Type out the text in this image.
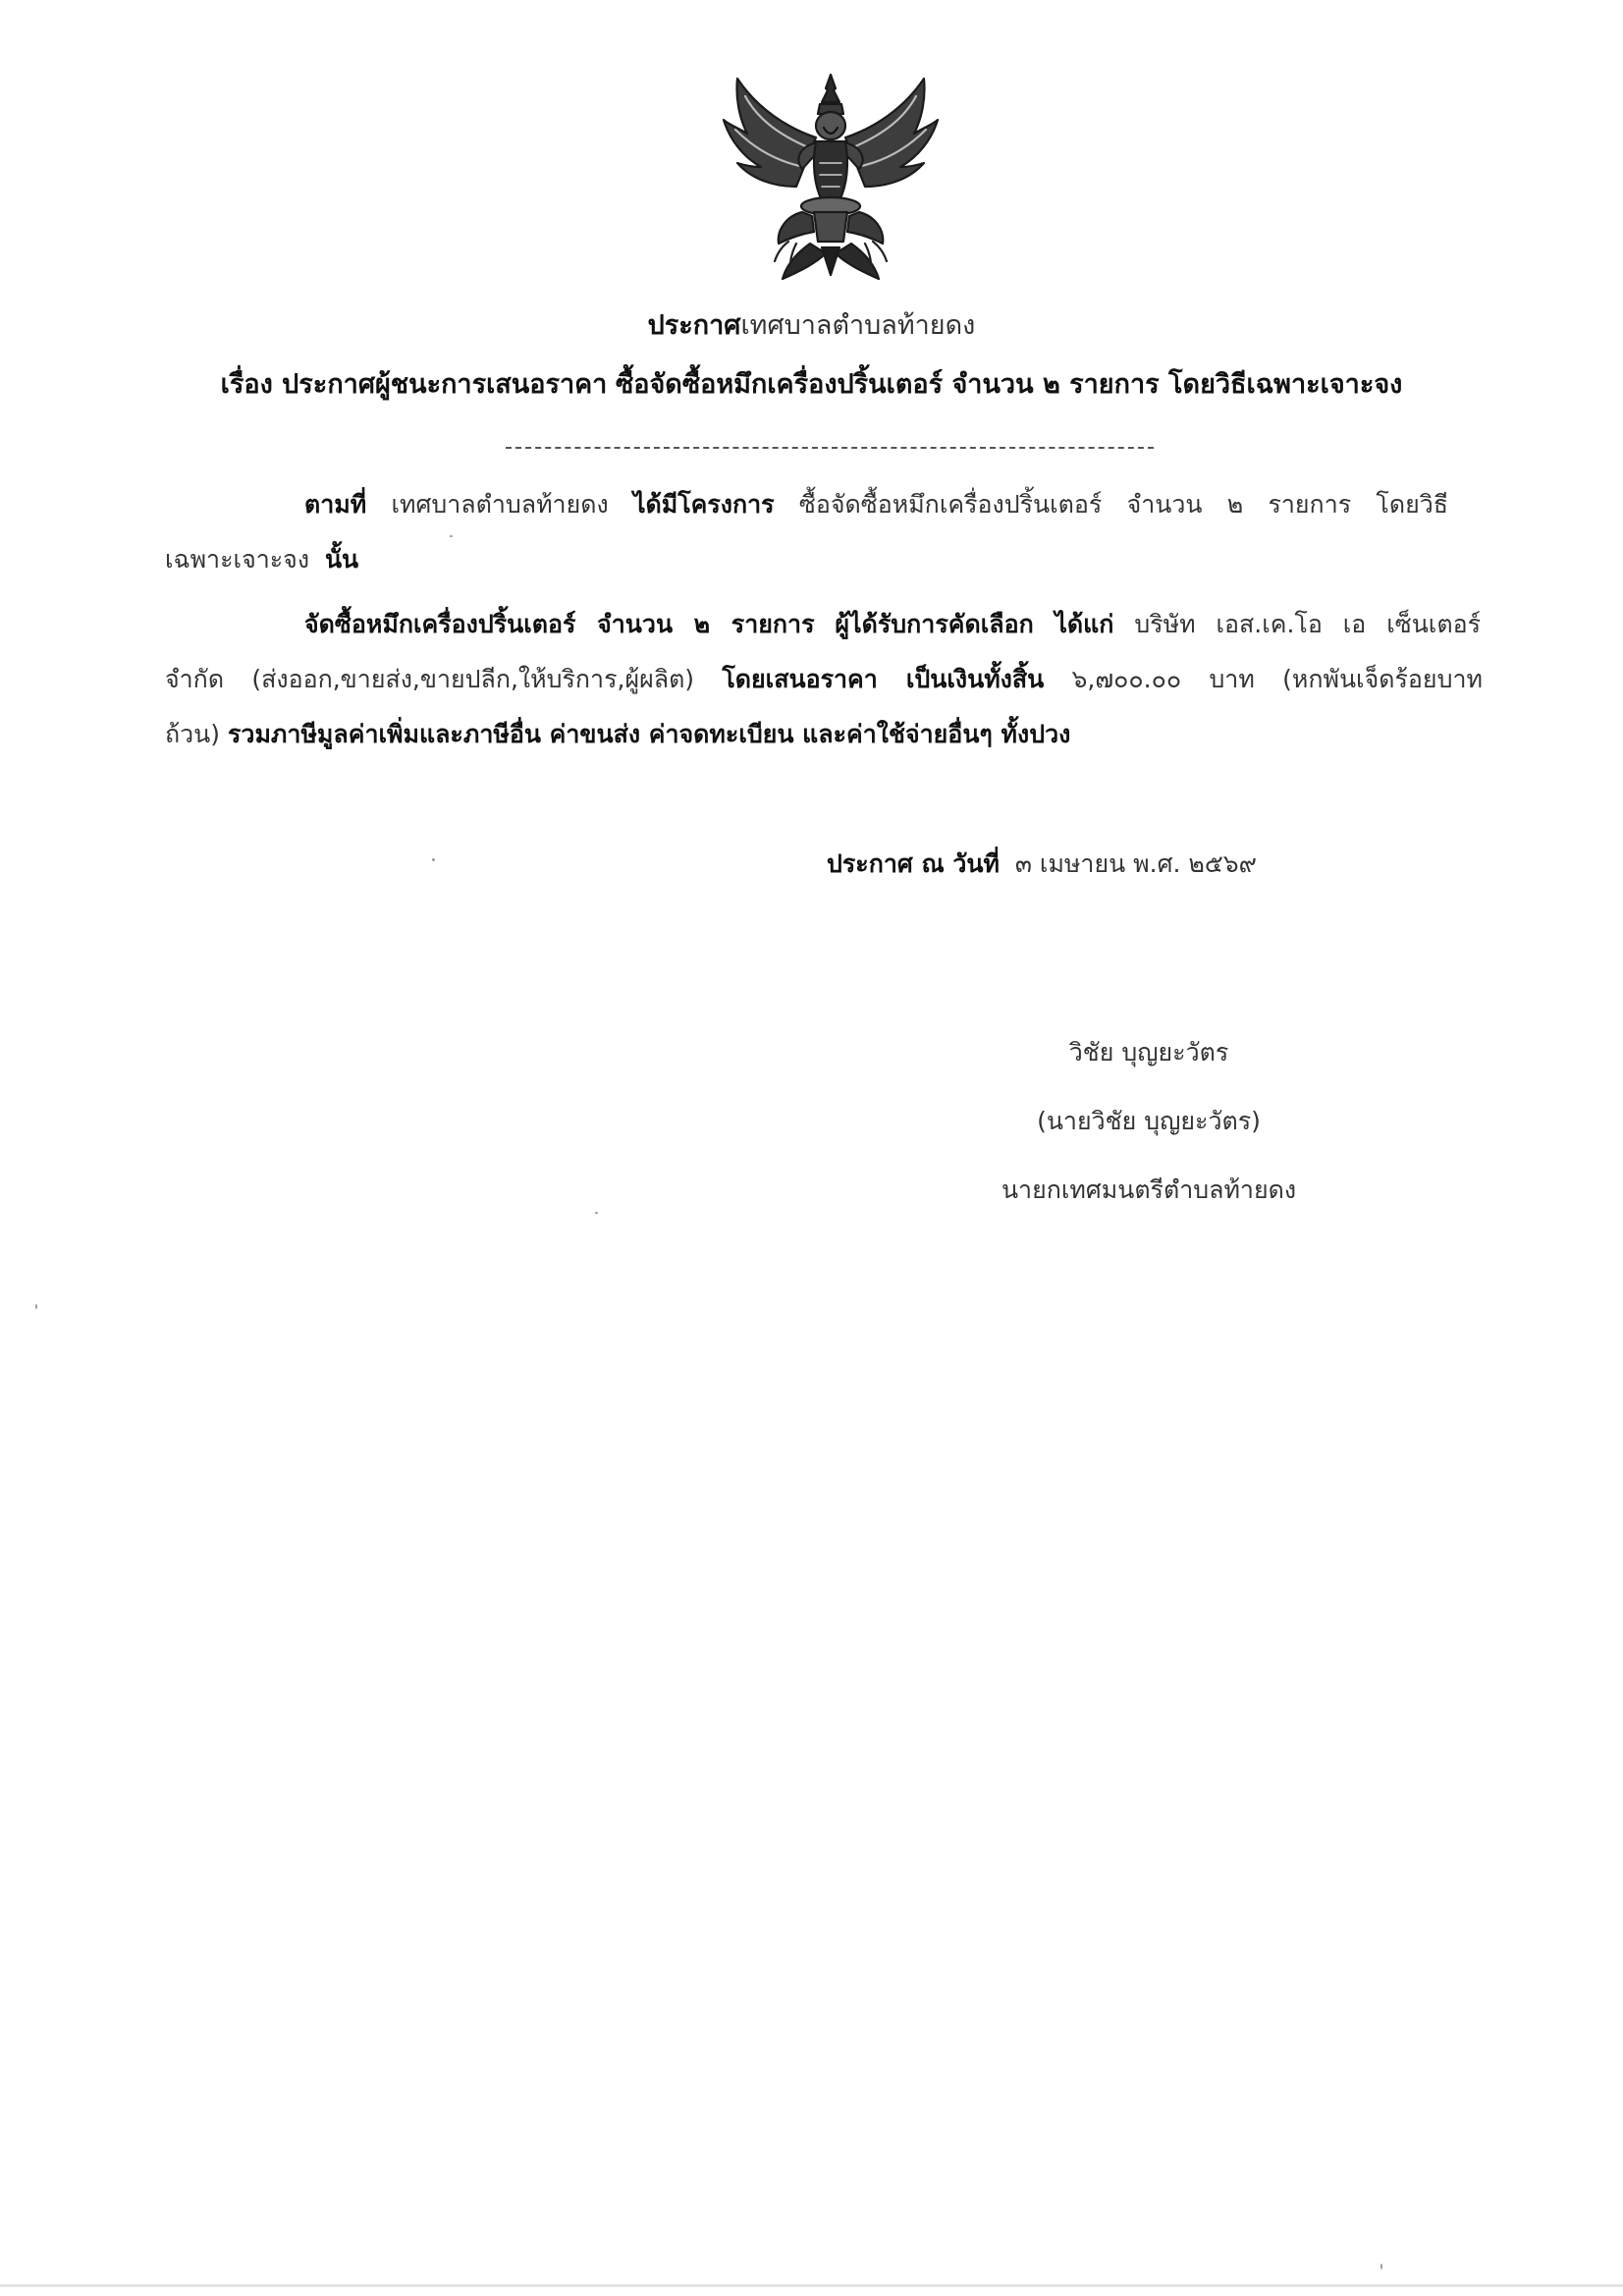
ประกาศเทศบาลตำบลท้ายดง
เรื่อง ประกาศผู้ชนะการเสนอราคา ซื้อจัดซื้อหมึกเครื่องปริ้นเตอร์ จำนวน ๒ รายการ โดยวิธีเฉพาะเจาะจง
ตามที่ เทศบาลตำบลท้ายดง ได้มีโครงการ ซื้อจัดซื้อหมึกเครื่องปริ้นเตอร์ จำนวน ๒ รายการ โดยวิธี
เฉพาะเจาะจง นั้น
จัดซื้อหมึกเครื่องปริ้นเตอร์ จำนวน ๒ รายการ ผู้ได้รับการคัดเลือก ได้แก่ บริษัท เอส.เค.โอ เอ เซ็นเตอร์
จำกัด (ส่งออก,ขายส่ง,ขายปลีก,ให้บริการ,ผู้ผลิต) โดยเสนอราคา เป็นเงินทั้งสิ้น ๖,๗๐๐.๐๐ บาท (หกพันเจ็ดร้อยบาท
ถ้วน) รวมภาษีมูลค่าเพิ่มและภาษีอื่น ค่าขนส่ง ค่าจดทะเบียน และค่าใช้จ่ายอื่นๆ ทั้งปวง
ประกาศ ณ วันที่ ๓ เมษายน พ.ศ. ๒๕๖๙
วิชัย บุญยะวัตร
(นายวิชัย บุญยะวัตร)
นายกเทศมนตรีตำบลท้ายดง
